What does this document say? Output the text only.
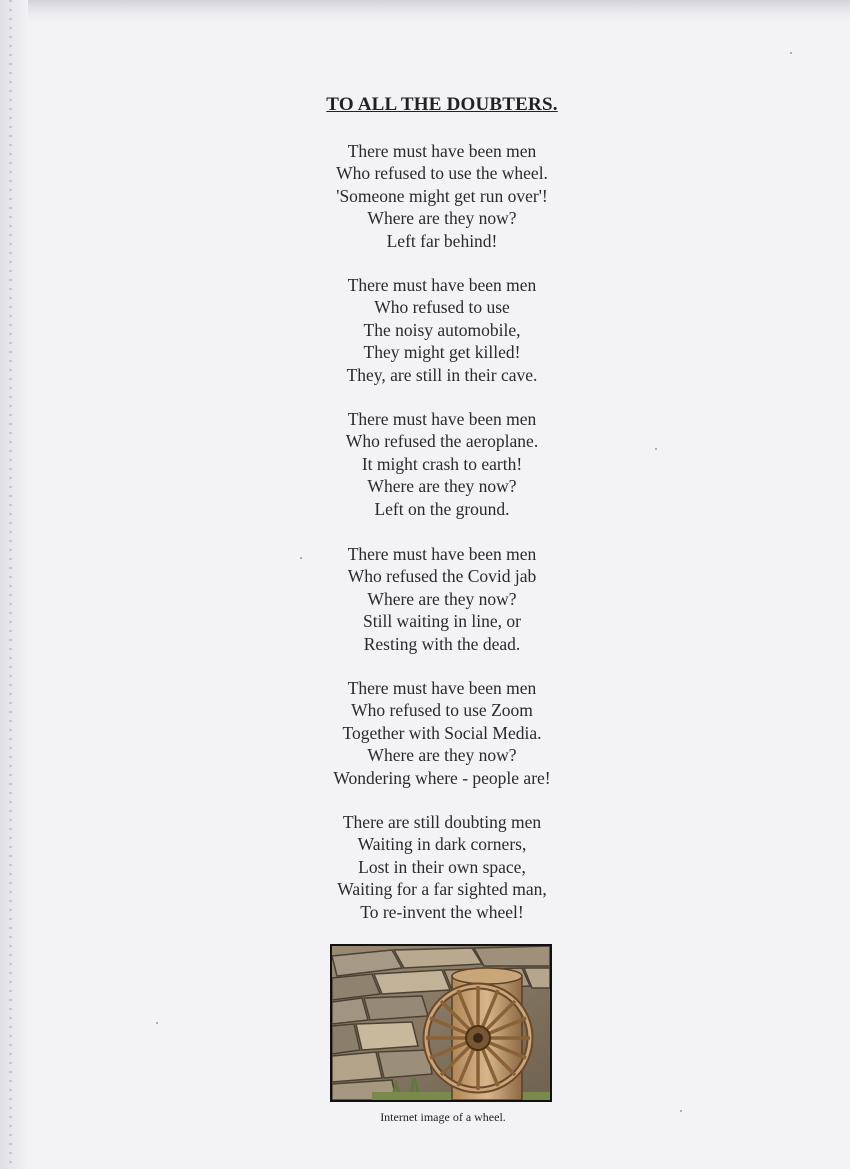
TO ALL THE DOUBTERS.
There must have been men
Who refused to use the wheel.
'Someone might get run over'!
Where are they now?
Left far behind!
There must have been men
Who refused to use
The noisy automobile,
They might get killed!
They, are still in their cave.
There must have been men
Who refused the aeroplane.
It might crash to earth!
Where are they now?
Left on the ground.
There must have been men
Who refused the Covid jab
Where are they now?
Still waiting in line, or
Resting with the dead.
There must have been men
Who refused to use Zoom
Together with Social Media.
Where are they now?
Wondering where - people are!
There are still doubting men
Waiting in dark corners,
Lost in their own space,
Waiting for a far sighted man,
To re-invent the wheel!
Internet image of a wheel.
